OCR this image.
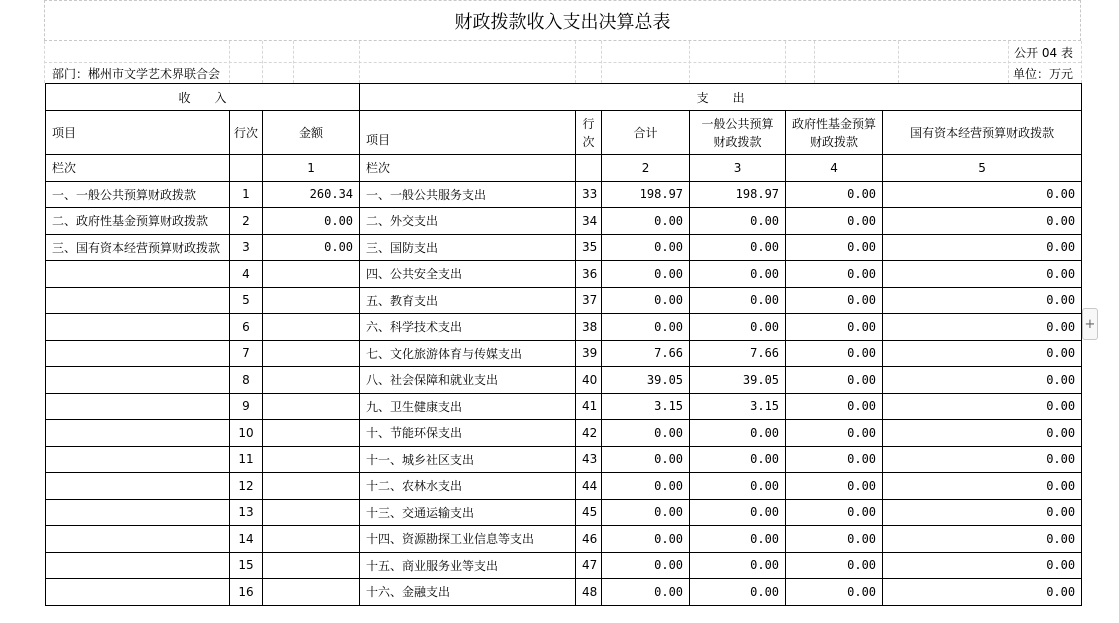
财政拨款收入支出决算总表
公开 04 表
部门：郴州市文学艺术界联合会	单位：万元
收　　入			支　　出					
项目	行次	金额	项目	行次	合计	一般公共预算财政拨款	政府性基金预算财政拨款	国有资本经营预算财政拨款
栏次		1	栏次		2	3	4	5
一、一般公共预算财政拨款	1	260.34	一、一般公共服务支出	33	198.97	198.97	0.00	0.00
二、政府性基金预算财政拨款	2	0.00	二、外交支出	34	0.00	0.00	0.00	0.00
三、国有资本经营预算财政拨款	3	0.00	三、国防支出	35	0.00	0.00	0.00	0.00
	4		四、公共安全支出	36	0.00	0.00	0.00	0.00
	5		五、教育支出	37	0.00	0.00	0.00	0.00
	6		六、科学技术支出	38	0.00	0.00	0.00	0.00
	7		七、文化旅游体育与传媒支出	39	7.66	7.66	0.00	0.00
	8		八、社会保障和就业支出	40	39.05	39.05	0.00	0.00
	9		九、卫生健康支出	41	3.15	3.15	0.00	0.00
	10		十、节能环保支出	42	0.00	0.00	0.00	0.00
	11		十一、城乡社区支出	43	0.00	0.00	0.00	0.00
	12		十二、农林水支出	44	0.00	0.00	0.00	0.00
	13		十三、交通运输支出	45	0.00	0.00	0.00	0.00
	14		十四、资源勘探工业信息等支出	46	0.00	0.00	0.00	0.00
	15		十五、商业服务业等支出	47	0.00	0.00	0.00	0.00
	16		十六、金融支出	48	0.00	0.00	0.00	0.00
+
